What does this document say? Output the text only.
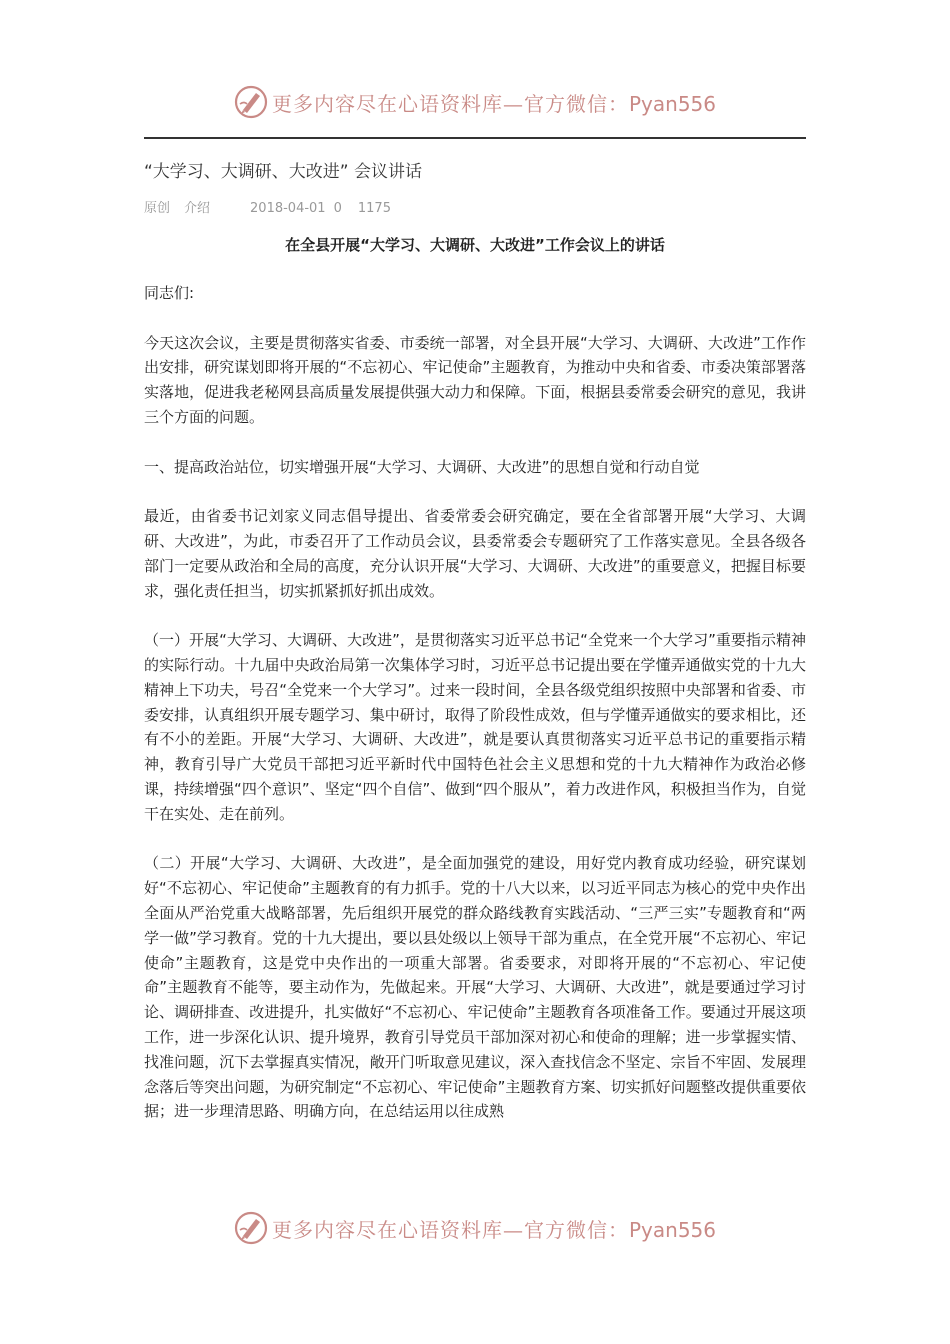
更多内容尽在心语资料库—官方微信：Pyan556
“大学习、大调研、大改进” 会议讲话
原创 介绍	2018-04-01 0 1175
在全县开展“大学习、大调研、大改进”工作会议上的讲话

同志们:

今天这次会议，主要是贯彻落实省委、市委统一部署，对全县开展“大学习、大调研、大改进”工作作出安排，研究谋划即将开展的“不忘初心、牢记使命”主题教育，为推动中央和省委、市委决策部署落实落地，促进我老秘网县高质量发展提供强大动力和保障。下面，根据县委常委会研究的意见，我讲三个方面的问题。

一、提高政治站位，切实增强开展“大学习、大调研、大改进”的思想自觉和行动自觉

最近，由省委书记刘家义同志倡导提出、省委常委会研究确定，要在全省部署开展“大学习、大调研、大改进”，为此，市委召开了工作动员会议，县委常委会专题研究了工作落实意见。全县各级各部门一定要从政治和全局的高度，充分认识开展“大学习、大调研、大改进”的重要意义，把握目标要求，强化责任担当，切实抓紧抓好抓出成效。

（一）开展“大学习、大调研、大改进”，是贯彻落实习近平总书记“全党来一个大学习”重要指示精神的实际行动。十九届中央政治局第一次集体学习时，习近平总书记提出要在学懂弄通做实党的十九大精神上下功夫，号召“全党来一个大学习”。过来一段时间，全县各级党组织按照中央部署和省委、市委安排，认真组织开展专题学习、集中研讨，取得了阶段性成效，但与学懂弄通做实的要求相比，还有不小的差距。开展“大学习、大调研、大改进”，就是要认真贯彻落实习近平总书记的重要指示精神，教育引导广大党员干部把习近平新时代中国特色社会主义思想和党的十九大精神作为政治必修课，持续增强“四个意识”、坚定“四个自信”、做到“四个服从”，着力改进作风，积极担当作为，自觉干在实处、走在前列。

（二）开展“大学习、大调研、大改进”，是全面加强党的建设，用好党内教育成功经验，研究谋划好“不忘初心、牢记使命”主题教育的有力抓手。党的十八大以来，以习近平同志为核心的党中央作出全面从严治党重大战略部署，先后组织开展党的群众路线教育实践活动、“三严三实”专题教育和“两学一做”学习教育。党的十九大提出，要以县处级以上领导干部为重点，在全党开展“不忘初心、牢记使命”主题教育，这是党中央作出的一项重大部署。省委要求，对即将开展的“不忘初心、牢记使命”主题教育不能等，要主动作为，先做起来。开展“大学习、大调研、大改进”，就是要通过学习讨论、调研排查、改进提升，扎实做好“不忘初心、牢记使命”主题教育各项准备工作。要通过开展这项工作，进一步深化认识、提升境界，教育引导党员干部加深对初心和使命的理解；进一步掌握实情、找准问题，沉下去掌握真实情况，敞开门听取意见建议，深入查找信念不坚定、宗旨不牢固、发展理念落后等突出问题，为研究制定“不忘初心、牢记使命”主题教育方案、切实抓好问题整改提供重要依据；进一步理清思路、明确方向，在总结运用以往成熟

更多内容尽在心语资料库—官方微信：Pyan556
